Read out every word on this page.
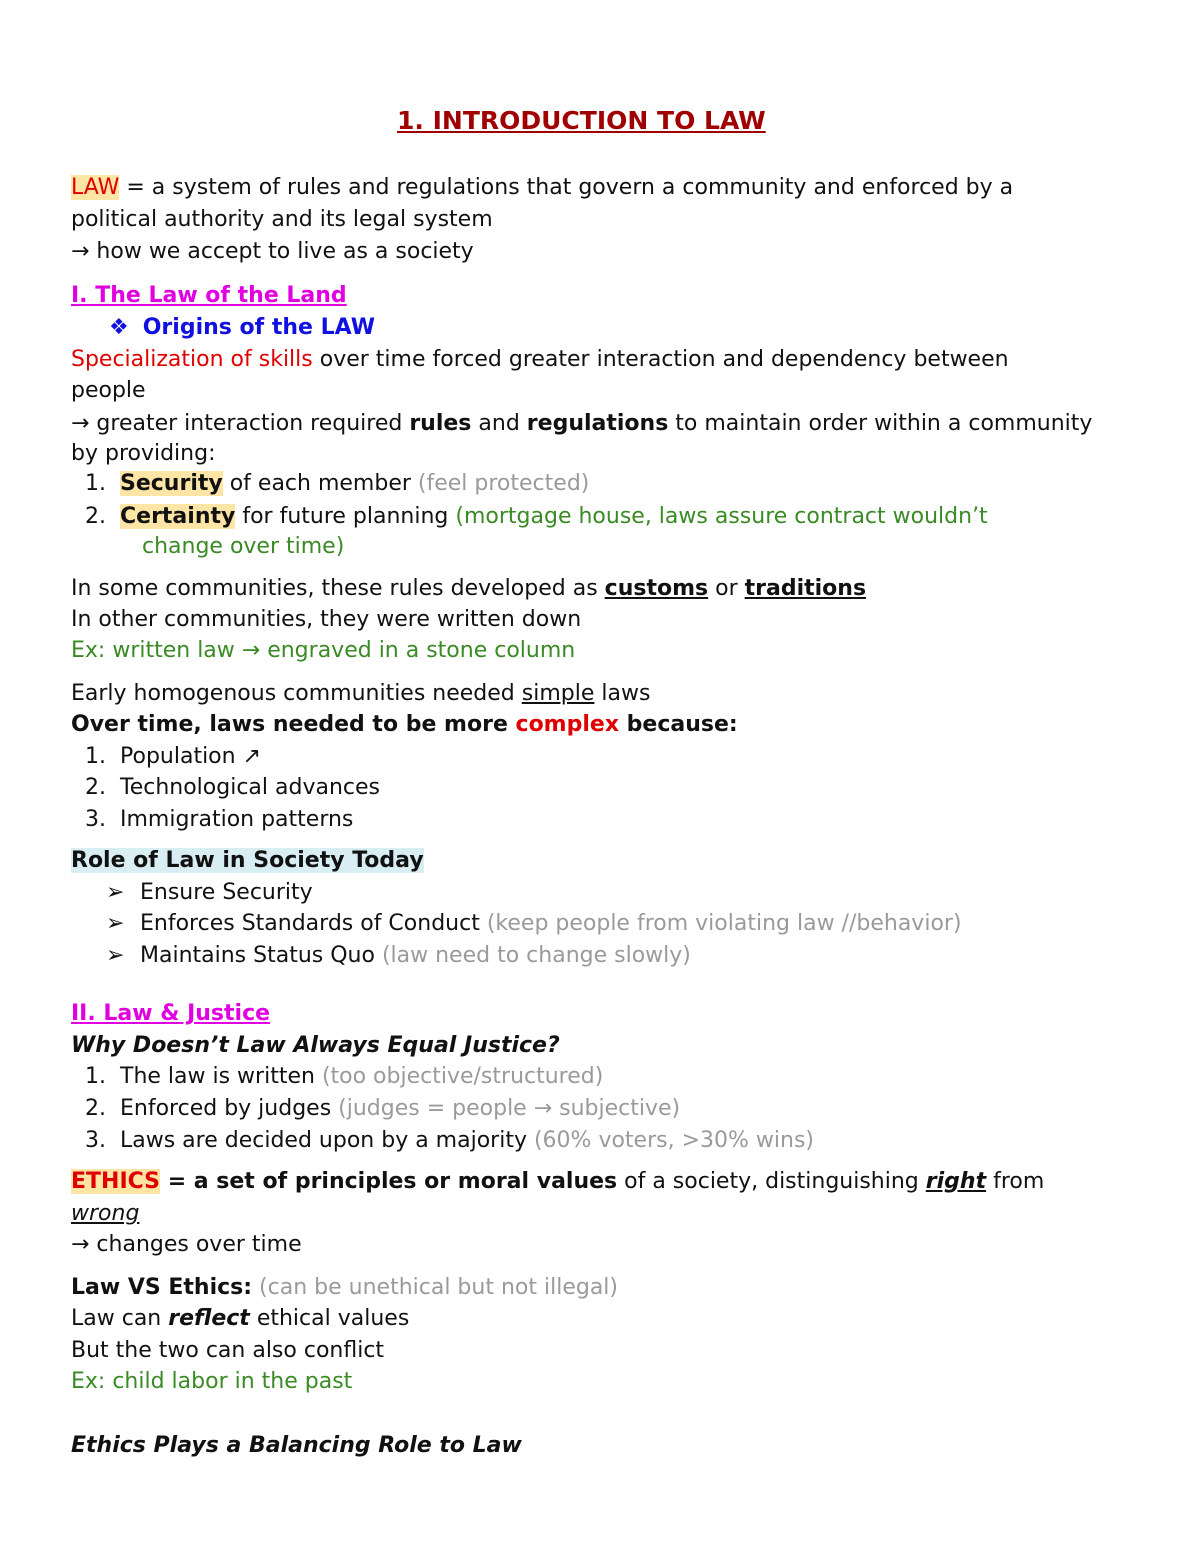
1. INTRODUCTION TO LAW
LAW = a system of rules and regulations that govern a community and enforced by a
political authority and its legal system
→ how we accept to live as a society
I. The Law of the Land
❖ Origins of the LAW
Specialization of skills over time forced greater interaction and dependency between
people
→ greater interaction required rules and regulations to maintain order within a community
by providing:
1. Security of each member (feel protected)
2. Certainty for future planning (mortgage house, laws assure contract wouldn’t
change over time)
In some communities, these rules developed as customs or traditions
In other communities, they were written down
Ex: written law → engraved in a stone column
Early homogenous communities needed simple laws
Over time, laws needed to be more complex because:
1. Population ↗
2. Technological advances
3. Immigration patterns
Role of Law in Society Today
➢ Ensure Security
➢ Enforces Standards of Conduct (keep people from violating law //behavior)
➢ Maintains Status Quo (law need to change slowly)
II. Law & Justice
Why Doesn’t Law Always Equal Justice?
1. The law is written (too objective/structured)
2. Enforced by judges (judges = people → subjective)
3. Laws are decided upon by a majority (60% voters, >30% wins)
ETHICS = a set of principles or moral values of a society, distinguishing right from
wrong
→ changes over time
Law VS Ethics: (can be unethical but not illegal)
Law can reflect ethical values
But the two can also conflict
Ex: child labor in the past
Ethics Plays a Balancing Role to Law
